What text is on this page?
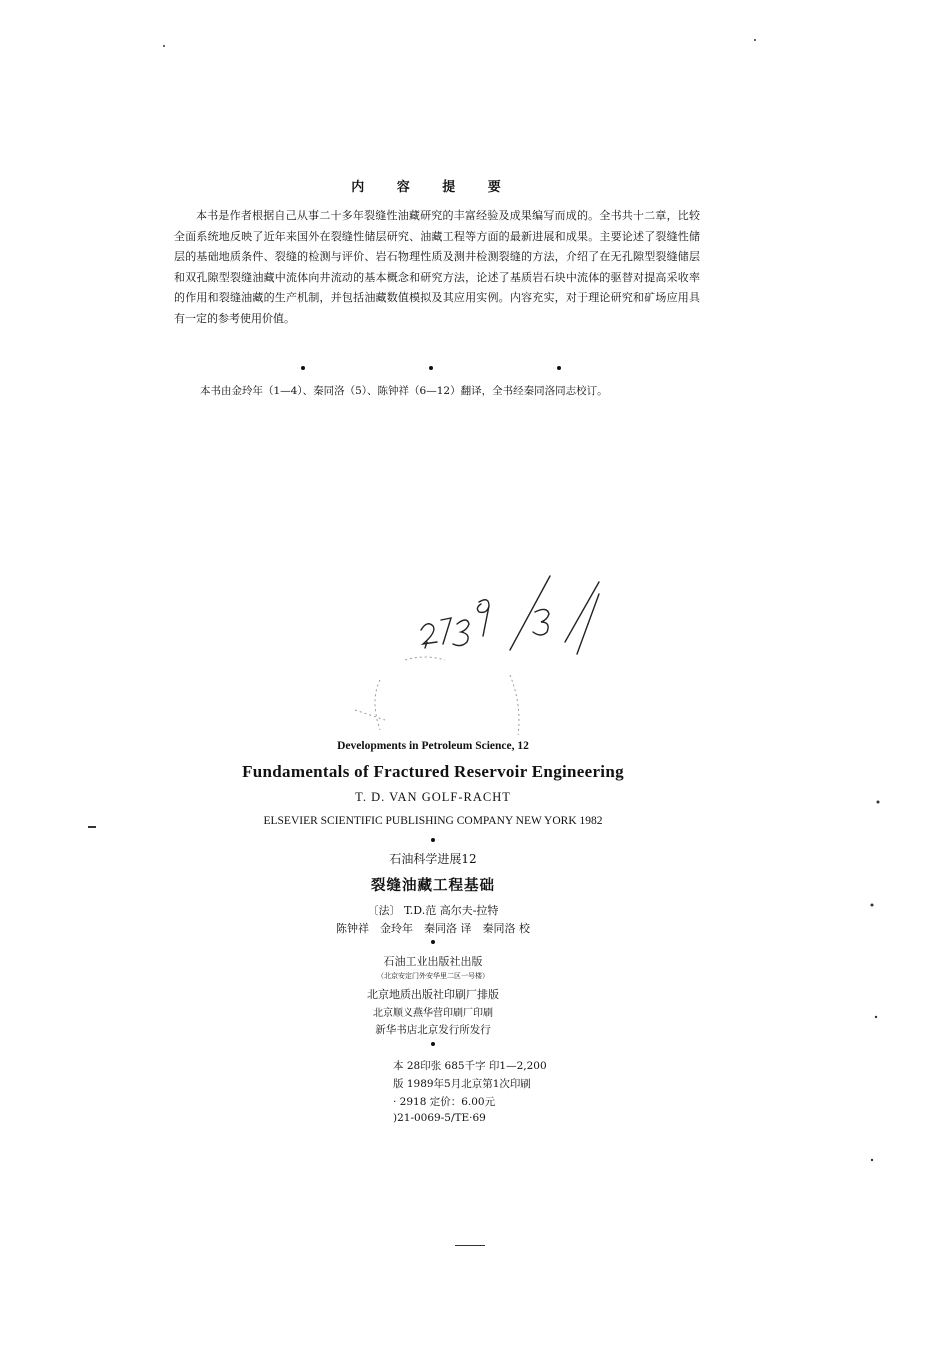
内 容 提 要

本书是作者根据自己从事二十多年裂缝性油藏研究的丰富经验及成果编写而成的。全书共十二章，比较全面系统地反映了近年来国外在裂缝性储层研究、油藏工程等方面的最新进展和成果。主要论述了裂缝性储层的基础地质条件、裂缝的检测与评价、岩石物理性质及测井检测裂缝的方法，介绍了在无孔隙型裂缝储层和双孔隙型裂缝油藏中流体向井流动的基本概念和研究方法，论述了基质岩石块中流体的驱替对提高采收率的作用和裂缝油藏的生产机制，并包括油藏数值模拟及其应用实例。内容充实，对于理论研究和矿场应用具有一定的参考使用价值。

本书由金玲年（1—4）、秦同洛（5）、陈钟祥（6—12）翻译，全书经秦同洛同志校订。
Developments in Petroleum Science, 12
Fundamentals of Fractured Reservoir Engineering
T. D. VAN GOLF-RACHT
ELSEVIER SCIENTIFIC PUBLISHING COMPANY NEW YORK 1982
石油科学进展12
裂缝油藏工程基础
〔法〕 T.D.范 高尔夫-拉特
陈钟祥　金玲年　秦同洛 译　秦同洛 校
石油工业出版社出版
（北京安定门外安华里二区一号楼）
北京地质出版社印刷厂排版
北京顺义燕华营印刷厂印刷
新华书店北京发行所发行
本 28印张 685千字 印1—2,200
版 1989年5月北京第1次印刷
· 2918 定价：6.00元
)21-0069-5/TE·69
